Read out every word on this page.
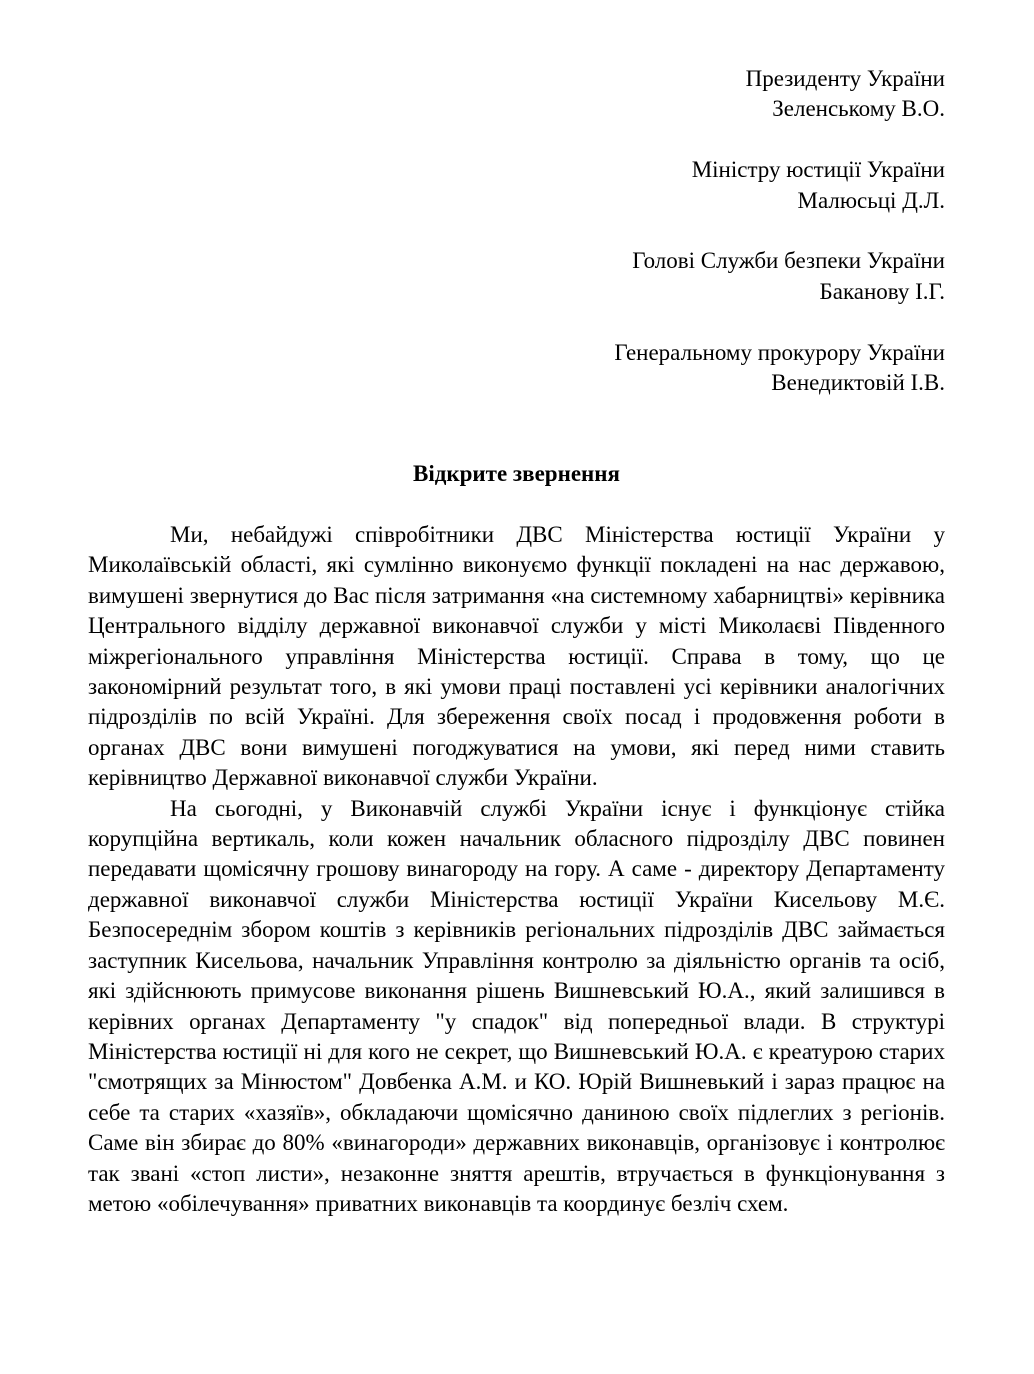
Президенту України
Зеленському В.О.
Міністру юстиції України
Малюсьці Д.Л.
Голові Служби безпеки України
Баканову І.Г.
Генеральному прокурору України
Венедиктовій І.В.
Відкрите звернення

Ми, небайдужі співробітники ДВС Міністерства юстиції України у Миколаївській області, які сумлінно виконуємо функції покладені на нас державою, вимушені звернутися до Вас після затримання «на системному хабарництві» керівника Центрального відділу державної виконавчої служби у місті Миколаєві Південного міжрегіонального управління Міністерства юстиції. Справа в тому, що це закономірний результат того, в які умови праці поставлені усі керівники аналогічних підрозділів по всій Україні. Для збереження своїх посад і продовження роботи в органах ДВС вони вимушені погоджуватися на умови, які перед ними ставить керівництво Державної виконавчої служби України.

На сьогодні, у Виконавчій службі України існує і функціонує стійка корупційна вертикаль, коли кожен начальник обласного підрозділу ДВС повинен передавати щомісячну грошову винагороду на гору. А саме - директору Департаменту державної виконавчої служби Міністерства юстиції України Кисельову М.Є. Безпосереднім збором коштів з керівників регіональних підрозділів ДВС займається заступник Кисельова, начальник Управління контролю за діяльністю органів та осіб, які здійснюють примусове виконання рішень Вишневський Ю.А., який залишився в керівних органах Департаменту "у спадок" від попередньої влади. В структурі Міністерства юстиції ні для кого не секрет, що Вишневський Ю.А. є креатурою старих "смотрящих за Мінюстом" Довбенка А.М. и КО. Юрій Вишневький і зараз працює на себе та старих «хазяїв», обкладаючи щомісячно даниною своїх підлеглих з регіонів. Саме він збирає до 80% «винагороди» державних виконавців, організовує і контролює так звані «стоп листи», незаконне зняття арештів, втручається в функціонування з метою «обілечування» приватних виконавців та координує безліч схем.
